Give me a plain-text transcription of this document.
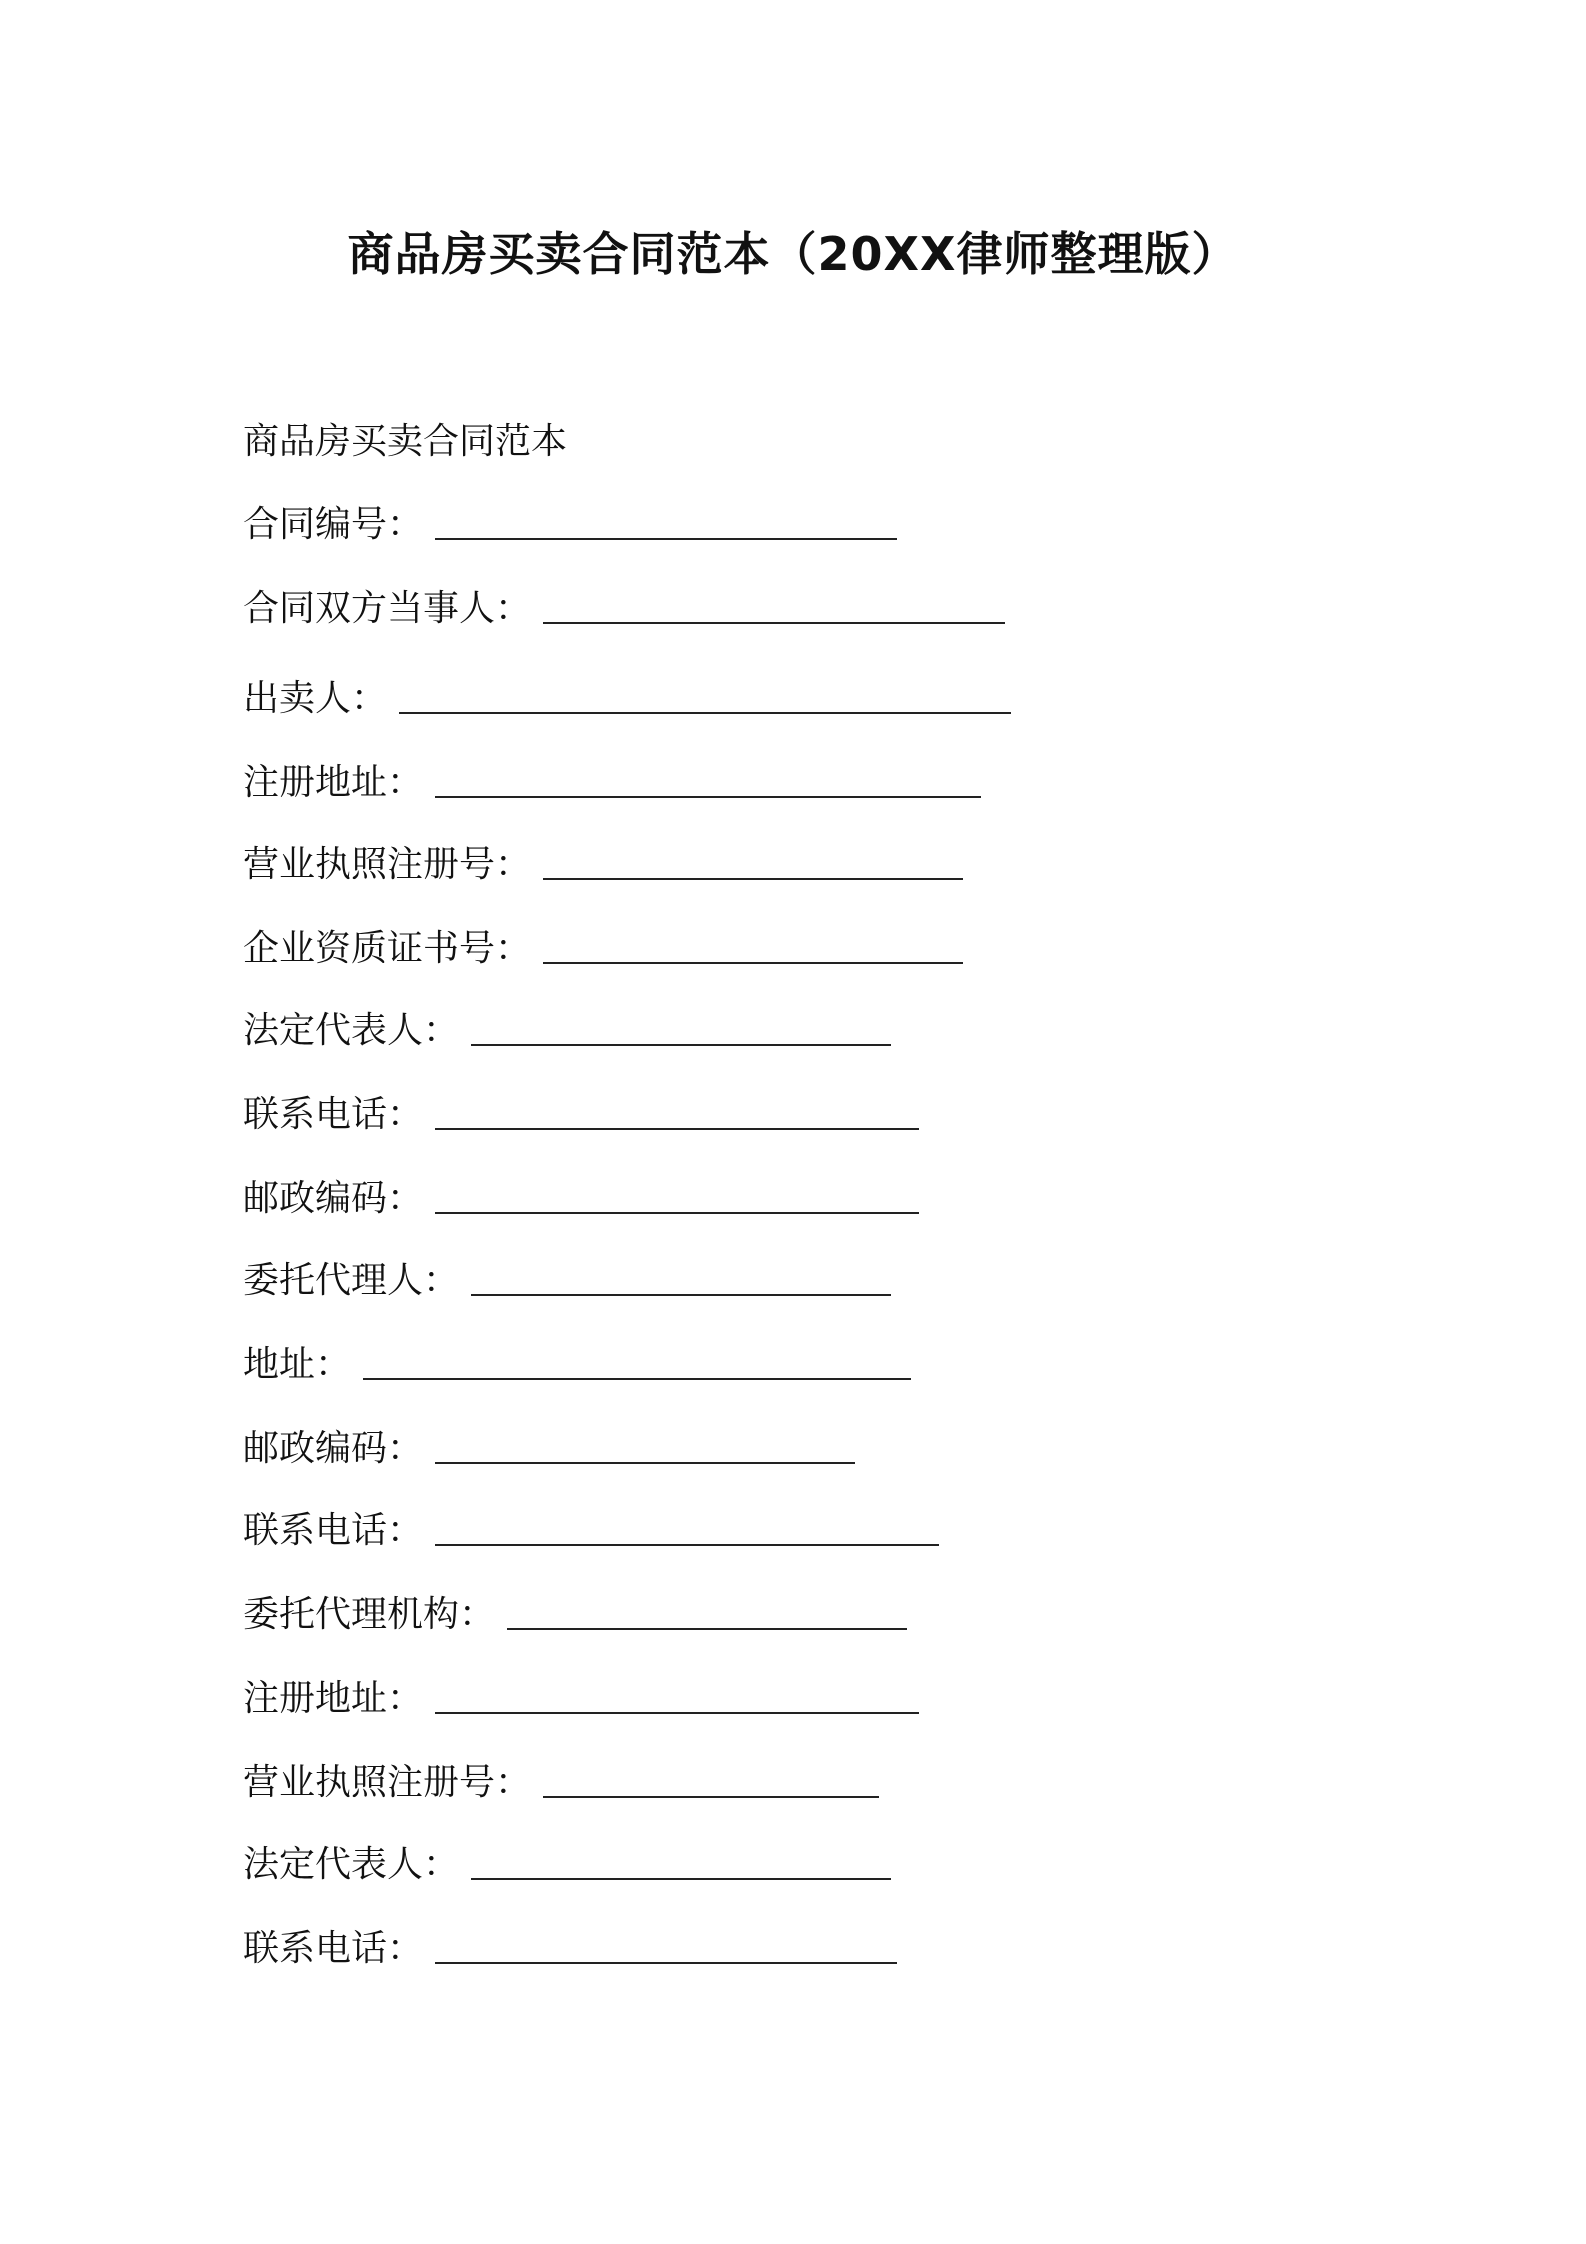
商品房买卖合同范本（20XX律师整理版）
商品房买卖合同范本
合同编号：
合同双方当事人：
出卖人：
注册地址：
营业执照注册号：
企业资质证书号：
法定代表人：
联系电话：
邮政编码：
委托代理人：
地址：
邮政编码：
联系电话：
委托代理机构：
注册地址：
营业执照注册号：
法定代表人：
联系电话：
